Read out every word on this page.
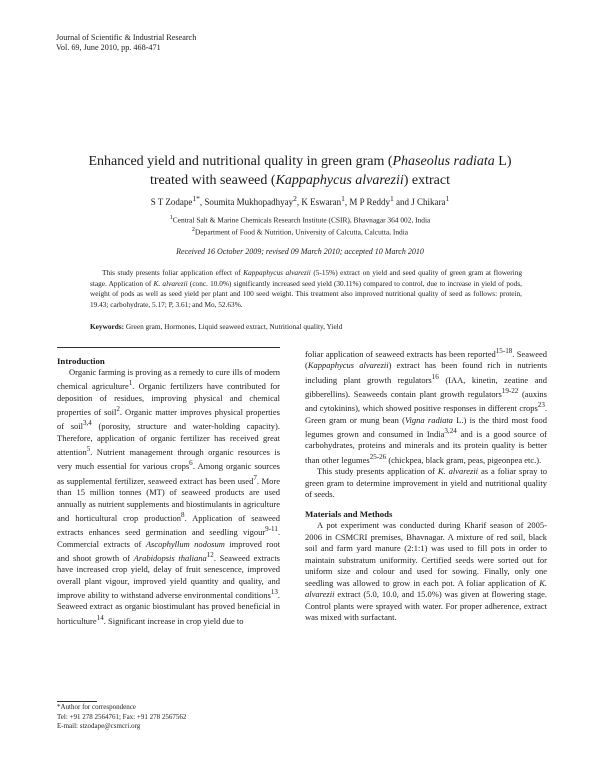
Journal of Scientific & Industrial Research
Vol. 69, June 2010, pp. 468-471
Enhanced yield and nutritional quality in green gram (Phaseolus radiata L)
treated with seaweed (Kappaphycus alvarezii) extract
S T Zodape$^{1*}$, Soumita Mukhopadhyay$^2$, K Eswaran$^1$, M P Reddy$^1$ and J Chikara$^1$
$^1$Central Salt & Marine Chemicals Research Institute (CSIR), Bhavnagar 364 002, India
$^2$Department of Food & Nutrition, University of Calcutta, Calcutta, India
Received 16 October 2009; revised 09 March 2010; accepted 10 March 2010
This study presents foliar application effect of Kappaphycus alvarezii (5-15%) extract on yield and seed quality of green gram at flowering stage. Application of K. alvarezii (conc. 10.0%) significantly increased seed yield (30.11%) compared to control, due to increase in yield of pods, weight of pods as well as seed yield per plant and 100 seed weight. This treatment also improved nutritional quality of seed as follows: protein, 19.43; carbohydrate, 5.17; P, 3.61; and Mo, 52.63%.
Keywords: Green gram, Hormones, Liquid seaweed extract, Nutritional quality, Yield
Introduction

Organic farming is proving as a remedy to cure ills of modern chemical agriculture$^1$. Organic fertilizers have contributed for deposition of residues, improving physical and chemical properties of soil$^2$. Organic matter improves physical properties of soil$^{3,4}$ (porosity, structure and water-holding capacity). Therefore, application of organic fertilizer has received great attention$^5$. Nutrient management through organic resources is very much essential for various crops$^6$. Among organic sources as supplemental fertilizer, seaweed extract has been used$^7$. More than 15 million tonnes (MT) of seaweed products are used annually as nutrient supplements and biostimulants in agriculture and horticultural crop production$^8$. Application of seaweed extracts enhances seed germination and seedling vigour$^{9-11}$. Commercial extracts of Ascophyllum nodosum improved root and shoot growth of Arabidopsis thaliana$^{12}$. Seaweed extracts have increased crop yield, delay of fruit senescence, improved overall plant vigour, improved yield quantity and quality, and improve ability to withstand adverse environmental conditions$^{13}$. Seaweed extract as organic biostimulant has proved beneficial in horticulture$^{14}$. Significant increase in crop yield due to

foliar application of seaweed extracts has been reported$^{15-18}$. Seaweed (Kappaphycus alvarezii) extract has been found rich in nutrients including plant growth regulators$^{16}$ (IAA, kinetin, zeatine and gibberellins). Seaweeds contain plant growth regulators$^{19-22}$ (auxins and cytokinins), which showed positive responses in different crops$^{23}$. Green gram or mung bean (Vigna radiata L.) is the third most food legumes grown and consumed in India$^{3,24}$ and is a good source of carbohydrates, proteins and minerals and its protein quality is better than other legumes$^{25-26}$ (chickpea, black gram, peas, pigeonpea etc.).

This study presents application of K. alvarezii as a foliar spray to green gram to determine improvement in yield and nutritional quality of seeds.

Materials and Methods

A pot experiment was conducted during Kharif season of 2005-2006 in CSMCRI premises, Bhavnagar. A mixture of red soil, black soil and farm yard manure (2:1:1) was used to fill pots in order to maintain substratum uniformity. Certified seeds were sorted out for uniform size and colour and used for sowing. Finally, only one seedling was allowed to grow in each pot. A foliar application of K. alvarezii extract (5.0, 10.0, and 15.0%) was given at flowering stage. Control plants were sprayed with water. For proper adherence, extract was mixed with surfactant.

*Author for correspondence
Tel: +91 278 2564761; Fax: +91 278 2567562
E-mail: stzodape@csmcri.org
